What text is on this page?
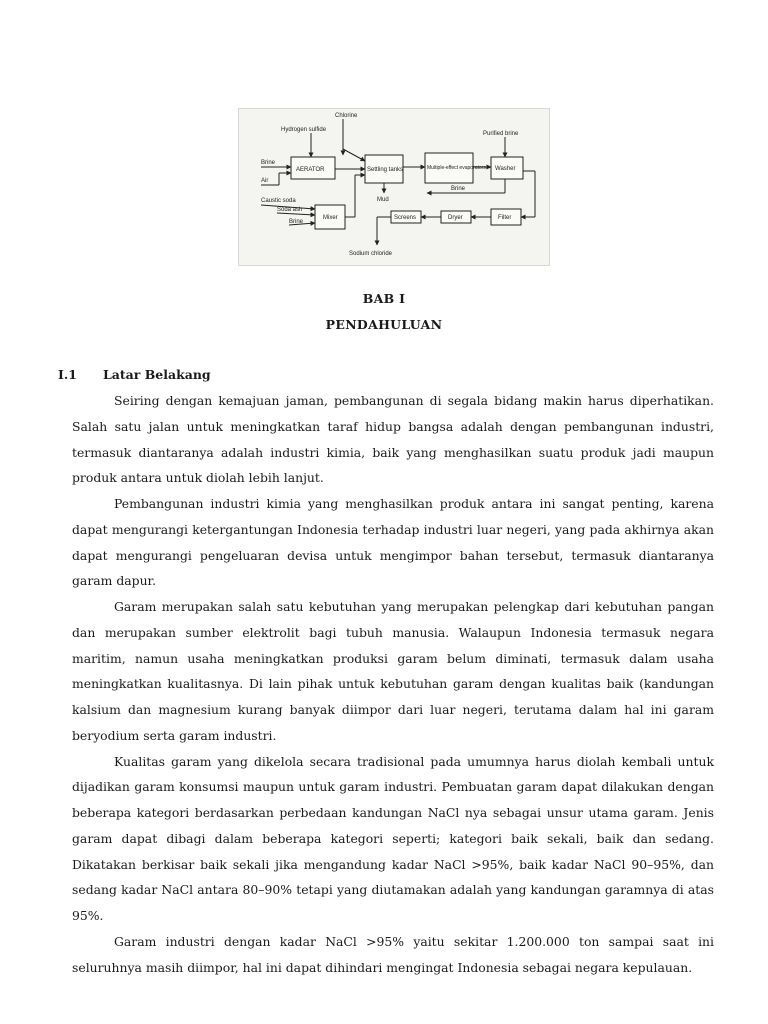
Chlorine
Hydrogen sulfide
Brine
Air
AERATOR	Settling tanks
Mud
Multiple-effect evaporators
Purified brine
Washer
Brine
Caustic soda
Soda ash
Brine
Mixer	Screens	Dryer	Filter
Sodium chloride
BAB I
PENDAHULUAN
I.1 Latar Belakang

Seiring dengan kemajuan jaman, pembangunan di segala bidang makin harus diperhatikan. Salah satu jalan untuk meningkatkan taraf hidup bangsa adalah dengan pembangunan industri, termasuk diantaranya adalah industri kimia, baik yang menghasilkan suatu produk jadi maupun produk antara untuk diolah lebih lanjut.

Pembangunan industri kimia yang menghasilkan produk antara ini sangat penting, karena dapat mengurangi ketergantungan Indonesia terhadap industri luar negeri, yang pada akhirnya akan dapat mengurangi pengeluaran devisa untuk mengimpor bahan tersebut, termasuk diantaranya garam dapur.

Garam merupakan salah satu kebutuhan yang merupakan pelengkap dari kebutuhan pangan dan merupakan sumber elektrolit bagi tubuh manusia. Walaupun Indonesia termasuk negara maritim, namun usaha meningkatkan produksi garam belum diminati, termasuk dalam usaha meningkatkan kualitasnya. Di lain pihak untuk kebutuhan garam dengan kualitas baik (kandungan kalsium dan magnesium kurang banyak diimpor dari luar negeri, terutama dalam hal ini garam beryodium serta garam industri.

Kualitas garam yang dikelola secara tradisional pada umumnya harus diolah kembali untuk dijadikan garam konsumsi maupun untuk garam industri. Pembuatan garam dapat dilakukan dengan beberapa kategori berdasarkan perbedaan kandungan NaCl nya sebagai unsur utama garam. Jenis garam dapat dibagi dalam beberapa kategori seperti; kategori baik sekali, baik dan sedang. Dikatakan berkisar baik sekali jika mengandung kadar NaCl >95%, baik kadar NaCl 90–95%, dan sedang kadar NaCl antara 80–90% tetapi yang diutamakan adalah yang kandungan garamnya di atas 95%.

Garam industri dengan kadar NaCl >95% yaitu sekitar 1.200.000 ton sampai saat ini seluruhnya masih diimpor, hal ini dapat dihindari mengingat Indonesia sebagai negara kepulauan.
